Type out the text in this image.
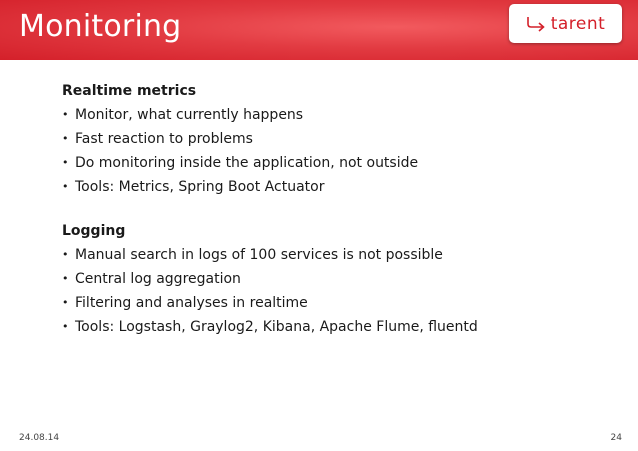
Monitoring	tarent
Realtime metrics
• Monitor, what currently happens
• Fast reaction to problems
• Do monitoring inside the application, not outside
• Tools: Metrics, Spring Boot Actuator
Logging
• Manual search in logs of 100 services is not possible
• Central log aggregation
• Filtering and analyses in realtime
• Tools: Logstash, Graylog2, Kibana, Apache Flume, fluentd
24.08.14	24
